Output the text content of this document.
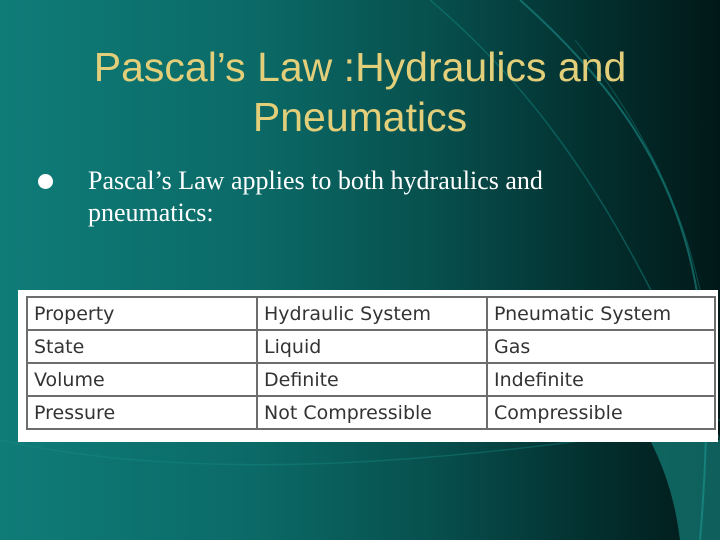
Pascal’s Law :Hydraulics and
Pneumatics
Pascal’s Law applies to both hydraulics and
pneumatics:
Property	Hydraulic System	Pneumatic System
State	Liquid	Gas
Volume	Definite	Indefinite
Pressure	Not Compressible	Compressible
